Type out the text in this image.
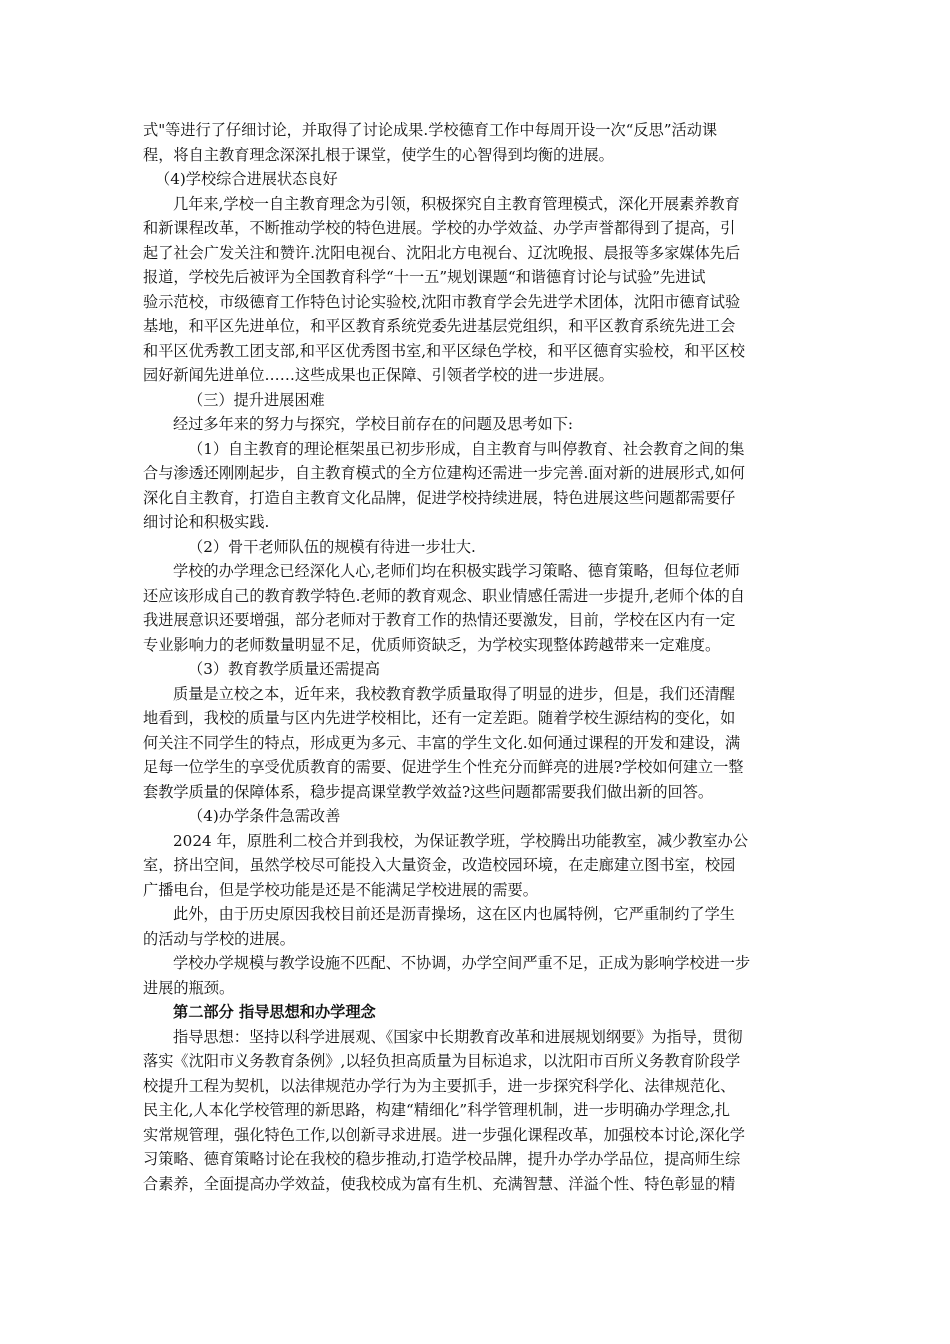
式"等进行了仔细讨论，并取得了讨论成果.学校德育工作中每周开设一次“反思”活动课
程，将自主教育理念深深扎根于课堂，使学生的心智得到均衡的进展。
（4)学校综合进展状态良好
几年来,学校一自主教育理念为引领，积极探究自主教育管理模式，深化开展素养教育
和新课程改革，不断推动学校的特色进展。学校的办学效益、办学声誉都得到了提高，引
起了社会广发关注和赞许.沈阳电视台、沈阳北方电视台、辽沈晚报、晨报等多家媒体先后
报道，学校先后被评为全国教育科学“十一五”规划课题“和谐德育讨论与试验”先进试
验示范校，市级德育工作特色讨论实验校,沈阳市教育学会先进学术团体，沈阳市德育试验
基地，和平区先进单位，和平区教育系统党委先进基层党组织，和平区教育系统先进工会
和平区优秀教工团支部,和平区优秀图书室,和平区绿色学校，和平区德育实验校，和平区校
园好新闻先进单位……这些成果也正保障、引领者学校的进一步进展。
（三）提升进展困难
经过多年来的努力与探究，学校目前存在的问题及思考如下:
（1）自主教育的理论框架虽已初步形成，自主教育与叫停教育、社会教育之间的集
合与渗透还刚刚起步，自主教育模式的全方位建构还需进一步完善.面对新的进展形式,如何
深化自主教育，打造自主教育文化品牌，促进学校持续进展，特色进展这些问题都需要仔
细讨论和积极实践.
（2）骨干老师队伍的规模有待进一步壮大.
学校的办学理念已经深化人心,老师们均在积极实践学习策略、德育策略，但每位老师
还应该形成自己的教育教学特色.老师的教育观念、职业情感任需进一步提升,老师个体的自
我进展意识还要增强，部分老师对于教育工作的热情还要激发，目前，学校在区内有一定
专业影响力的老师数量明显不足，优质师资缺乏，为学校实现整体跨越带来一定难度。
（3）教育教学质量还需提高
质量是立校之本，近年来，我校教育教学质量取得了明显的进步，但是，我们还清醒
地看到，我校的质量与区内先进学校相比，还有一定差距。随着学校生源结构的变化，如
何关注不同学生的特点，形成更为多元、丰富的学生文化.如何通过课程的开发和建设，满
足每一位学生的享受优质教育的需要、促进学生个性充分而鲜亮的进展?学校如何建立一整
套教学质量的保障体系，稳步提高课堂教学效益?这些问题都需要我们做出新的回答。
（4)办学条件急需改善
2024 年，原胜利二校合并到我校，为保证教学班，学校腾出功能教室，减少教室办公
室，挤出空间，虽然学校尽可能投入大量资金，改造校园环境，在走廊建立图书室，校园
广播电台，但是学校功能是还是不能满足学校进展的需要。
此外，由于历史原因我校目前还是沥青操场，这在区内也属特例，它严重制约了学生
的活动与学校的进展。
学校办学规模与教学设施不匹配、不协调，办学空间严重不足，正成为影响学校进一步
进展的瓶颈。
第二部分 指导思想和办学理念
指导思想：坚持以科学进展观、《国家中长期教育改革和进展规划纲要》为指导，贯彻
落实《沈阳市义务教育条例》,以轻负担高质量为目标追求，以沈阳市百所义务教育阶段学
校提升工程为契机，以法律规范办学行为为主要抓手，进一步探究科学化、法律规范化、
民主化,人本化学校管理的新思路，构建“精细化”科学管理机制，进一步明确办学理念,扎
实常规管理，强化特色工作,以创新寻求进展。进一步强化课程改革，加强校本讨论,深化学
习策略、德育策略讨论在我校的稳步推动,打造学校品牌，提升办学办学品位，提高师生综
合素养，全面提高办学效益，使我校成为富有生机、充满智慧、洋溢个性、特色彰显的精
